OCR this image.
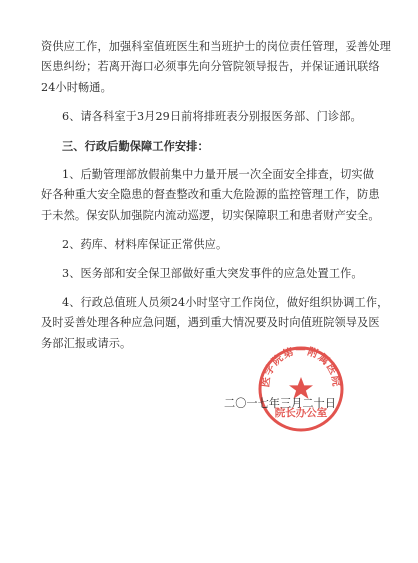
资供应工作，加强科室值班医生和当班护士的岗位责任管理，妥善处理
医患纠纷；若离开海口必须事先向分管院领导报告，并保证通讯联络
24小时畅通。
6、请各科室于3月29日前将排班表分别报医务部、门诊部。
三、行政后勤保障工作安排：
1、后勤管理部放假前集中力量开展一次全面安全排查，切实做
好各种重大安全隐患的督查整改和重大危险源的监控管理工作，防患
于未然。保安队加强院内流动巡逻，切实保障职工和患者财产安全。
2、药库、材料库保证正常供应。
3、医务部和安全保卫部做好重大突发事件的应急处置工作。
4、行政总值班人员须24小时坚守工作岗位，做好组织协调工作，
及时妥善处理各种应急问题，遇到重大情况要及时向值班院领导及医
务部汇报或请示。
医学院第一附属医院
院长办公室
二〇一七年三月二十日
